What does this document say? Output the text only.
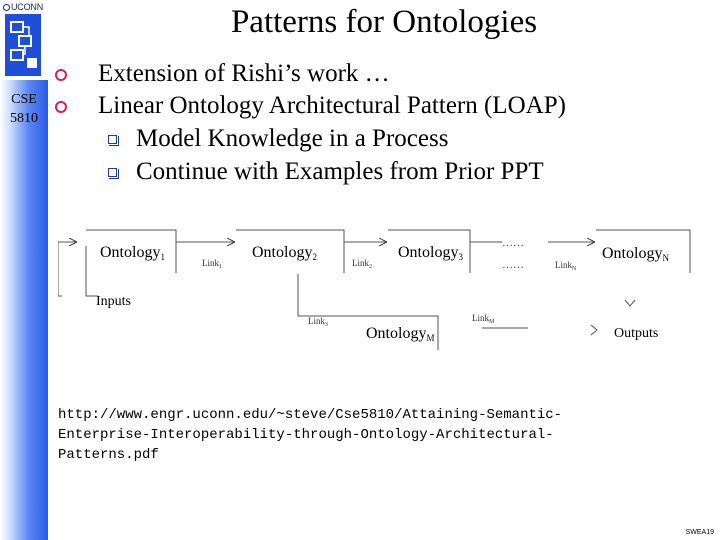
UCONN
CSE
5810
Patterns for Ontologies
Extension of Rishi’s work …
Linear Ontology Architectural Pattern (LOAP)
Model Knowledge in a Process
Continue with Examples from Prior PPT
Ontology1	Ontology2	Ontology3	OntologyN
OntologyM
Inputs
Outputs
Link$_1$	Link$_2$	Link$_N$
Link$_3$
Link$_M$
……
……
http://www.engr.uconn.edu/~steve/Cse5810/Attaining-Semantic-
Enterprise-Interoperability-through-Ontology-Architectural-
Patterns.pdf
SWEA19
